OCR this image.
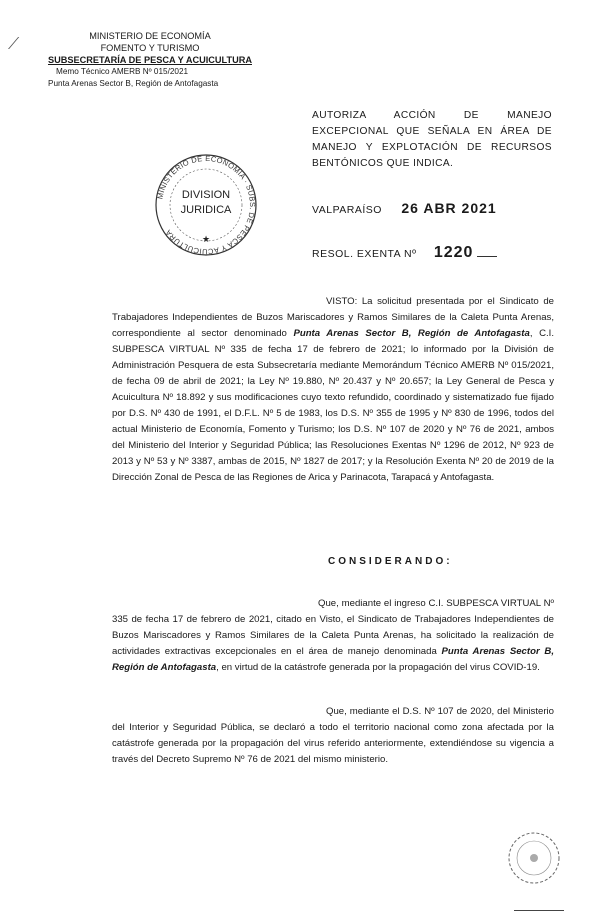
⟋	MINISTERIO DE ECONOMÍA
FOMENTO Y TURISMO
SUBSECRETARÍA DE PESCA Y ACUICULTURA
Memo Técnico AMERB Nº 015/2021
Punta Arenas Sector B, Región de Antofagasta
MINISTERIO DE ECONOMÍA · SUBS. DE PESCA Y ACUICULTURA
DIVISION
JURIDICA
★
AUTORIZA ACCIÓN DE MANEJO EXCEPCIONAL QUE SEÑALA EN ÁREA DE MANEJO Y EXPLOTACIÓN DE RECURSOS BENTÓNICOS QUE INDICA.
VALPARAÍSO 26 ABR 2021
RESOL. EXENTA Nº 1220
VISTO: La solicitud presentada por el Sindicato de Trabajadores Independientes de Buzos Mariscadores y Ramos Similares de la Caleta Punta Arenas, correspondiente al sector denominado Punta Arenas Sector B, Región de Antofagasta, C.I. SUBPESCA VIRTUAL Nº 335 de fecha 17 de febrero de 2021; lo informado por la División de Administración Pesquera de esta Subsecretaría mediante Memorándum Técnico AMERB Nº 015/2021, de fecha 09 de abril de 2021; la Ley Nº 19.880, Nº 20.437 y Nº 20.657; la Ley General de Pesca y Acuicultura Nº 18.892 y sus modificaciones cuyo texto refundido, coordinado y sistematizado fue fijado por D.S. Nº 430 de 1991, el D.F.L. Nº 5 de 1983, los D.S. Nº 355 de 1995 y Nº 830 de 1996, todos del actual Ministerio de Economía, Fomento y Turismo; los D.S. Nº 107 de 2020 y Nº 76 de 2021, ambos del Ministerio del Interior y Seguridad Pública; las Resoluciones Exentas Nº 1296 de 2012, Nº 923 de 2013 y Nº 53 y Nº 3387, ambas de 2015, Nº 1827 de 2017; y la Resolución Exenta Nº 20 de 2019 de la Dirección Zonal de Pesca de las Regiones de Arica y Parinacota, Tarapacá y Antofagasta.
CONSIDERANDO:
Que, mediante el ingreso C.I. SUBPESCA VIRTUAL Nº 335 de fecha 17 de febrero de 2021, citado en Visto, el Sindicato de Trabajadores Independientes de Buzos Mariscadores y Ramos Similares de la Caleta Punta Arenas, ha solicitado la realización de actividades extractivas excepcionales en el área de manejo denominada Punta Arenas Sector B, Región de Antofagasta, en virtud de la catástrofe generada por la propagación del virus COVID-19.
Que, mediante el D.S. Nº 107 de 2020, del Ministerio del Interior y Seguridad Pública, se declaró a todo el territorio nacional como zona afectada por la catástrofe generada por la propagación del virus referido anteriormente, extendiéndose su vigencia a través del Decreto Supremo Nº 76 de 2021 del mismo ministerio.
